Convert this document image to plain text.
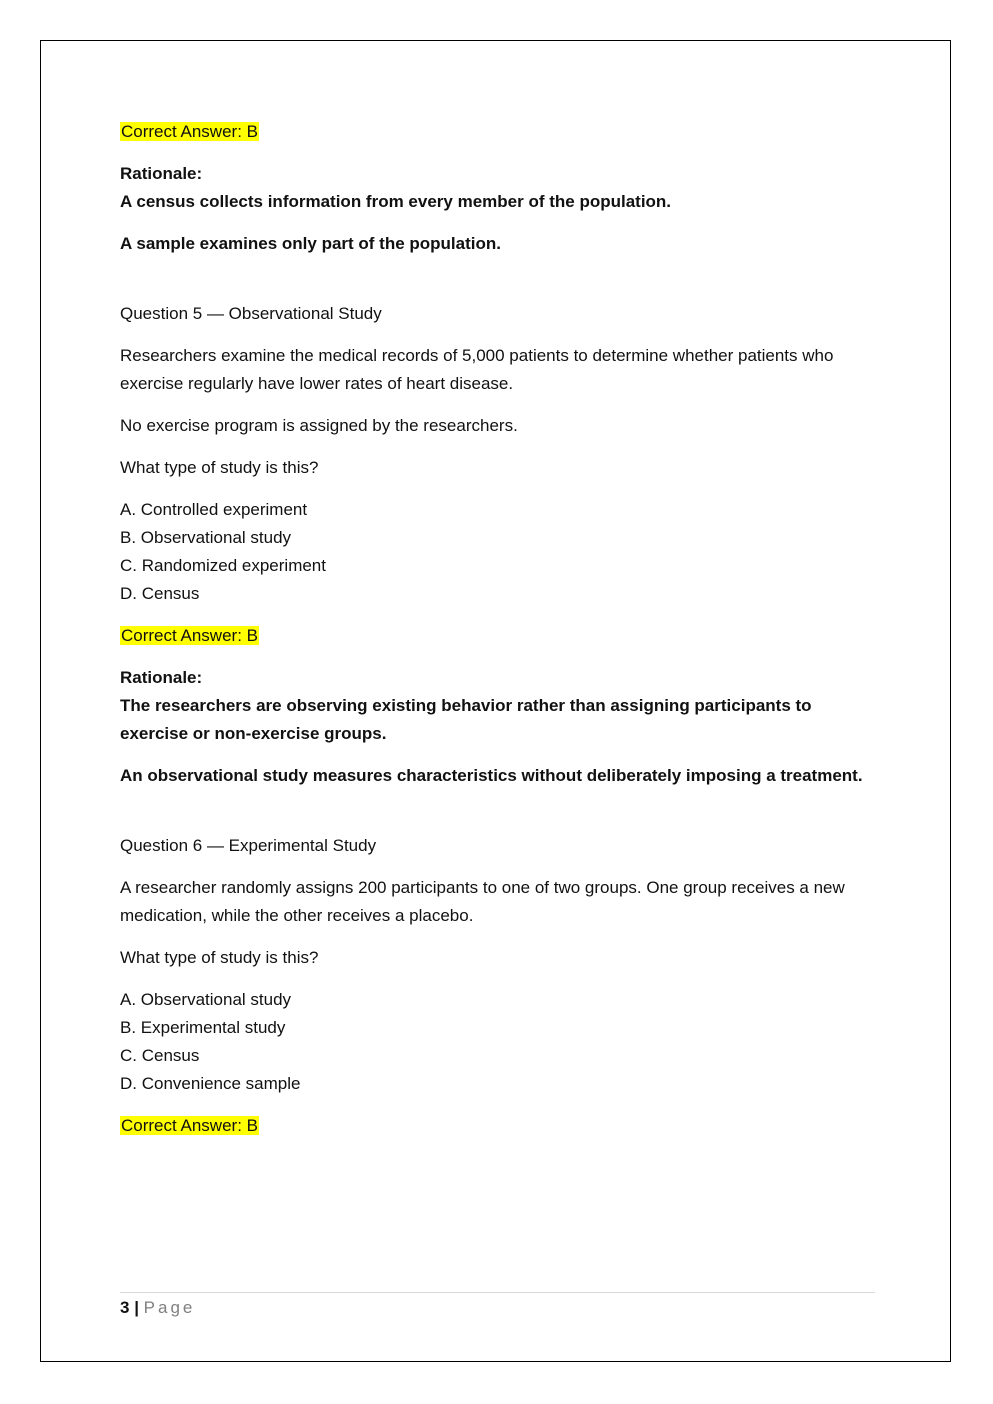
Correct Answer: B

Rationale:

A census collects information from every member of the population.

A sample examines only part of the population.

Question 5 — Observational Study

Researchers examine the medical records of 5,000 patients to determine whether patients who exercise regularly have lower rates of heart disease.

No exercise program is assigned by the researchers.

What type of study is this?

A. Controlled experiment

B. Observational study

C. Randomized experiment

D. Census

Correct Answer: B

Rationale:

The researchers are observing existing behavior rather than assigning participants to exercise or non-exercise groups.

An observational study measures characteristics without deliberately imposing a treatment.

Question 6 — Experimental Study

A researcher randomly assigns 200 participants to one of two groups. One group receives a new medication, while the other receives a placebo.

What type of study is this?

A. Observational study

B. Experimental study

C. Census

D. Convenience sample

Correct Answer: B

3 | Page
